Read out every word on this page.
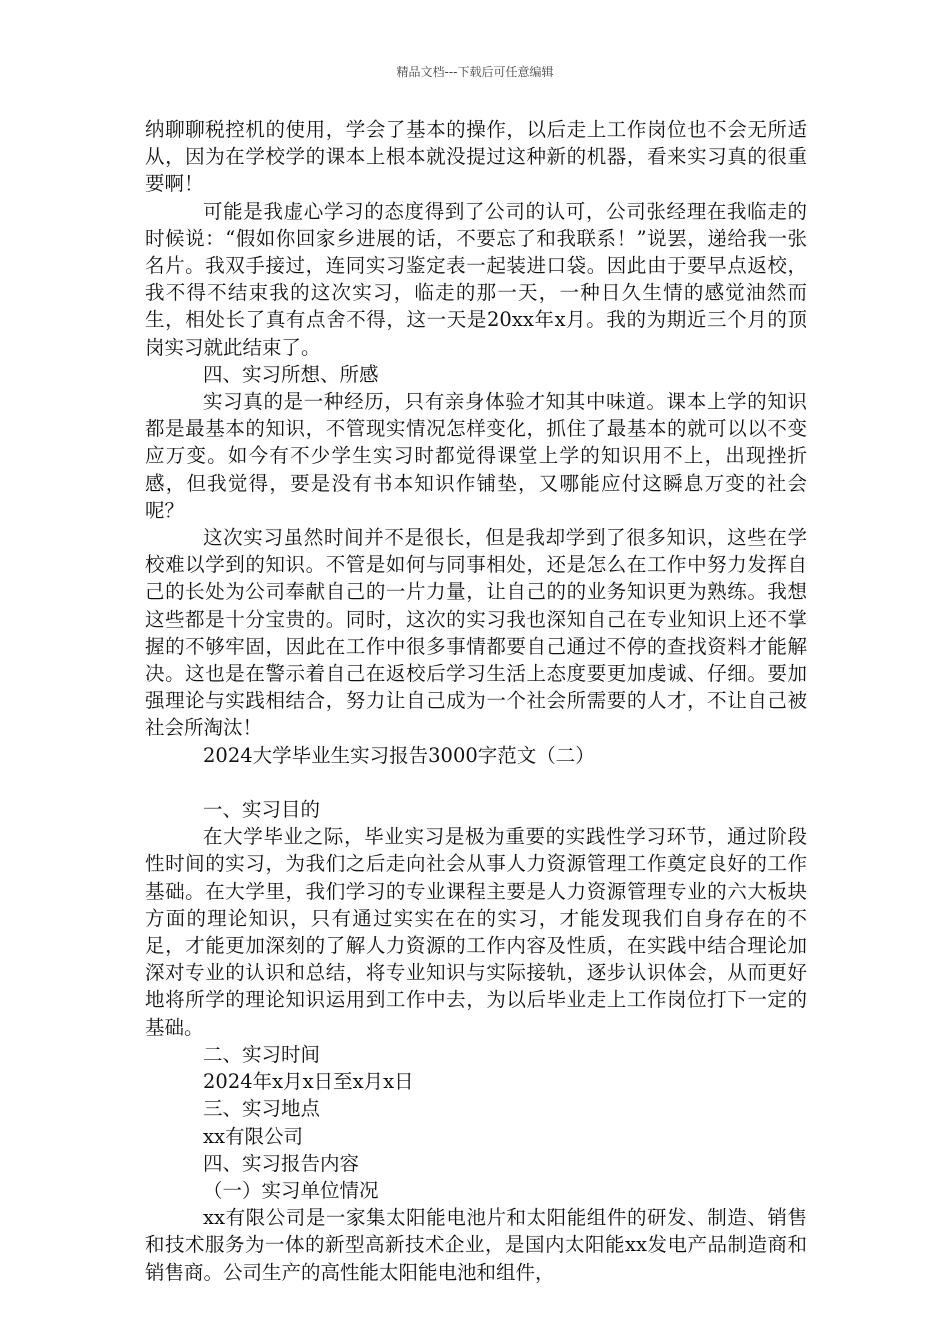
精品文档---下载后可任意编辑

纳聊聊税控机的使用，学会了基本的操作，以后走上工作岗位也不会无所适从，因为在学校学的课本上根本就没提过这种新的机器，看来实习真的很重要啊！

可能是我虚心学习的态度得到了公司的认可，公司张经理在我临走的时候说：“假如你回家乡进展的话，不要忘了和我联系！”说罢，递给我一张名片。我双手接过，连同实习鉴定表一起装进口袋。因此由于要早点返校，我不得不结束我的这次实习，临走的那一天，一种日久生情的感觉油然而生，相处长了真有点舍不得，这一天是20xx年x月。我的为期近三个月的顶岗实习就此结束了。

四、实习所想、所感

实习真的是一种经历，只有亲身体验才知其中味道。课本上学的知识都是最基本的知识，不管现实情况怎样变化，抓住了最基本的就可以以不变应万变。如今有不少学生实习时都觉得课堂上学的知识用不上，出现挫折感，但我觉得，要是没有书本知识作铺垫，又哪能应付这瞬息万变的社会呢？

这次实习虽然时间并不是很长，但是我却学到了很多知识，这些在学校难以学到的知识。不管是如何与同事相处，还是怎么在工作中努力发挥自己的长处为公司奉献自己的一片力量，让自己的的业务知识更为熟练。我想这些都是十分宝贵的。同时，这次的实习我也深知自己在专业知识上还不掌握的不够牢固，因此在工作中很多事情都要自己通过不停的查找资料才能解决。这也是在警示着自己在返校后学习生活上态度要更加虔诚、仔细。要加强理论与实践相结合，努力让自己成为一个社会所需要的人才，不让自己被社会所淘汰！

2024大学毕业生实习报告3000字范文（二）

一、实习目的

在大学毕业之际，毕业实习是极为重要的实践性学习环节，通过阶段性时间的实习，为我们之后走向社会从事人力资源管理工作奠定良好的工作基础。在大学里，我们学习的专业课程主要是人力资源管理专业的六大板块方面的理论知识，只有通过实实在在的实习，才能发现我们自身存在的不足，才能更加深刻的了解人力资源的工作内容及性质，在实践中结合理论加深对专业的认识和总结，将专业知识与实际接轨，逐步认识体会，从而更好地将所学的理论知识运用到工作中去，为以后毕业走上工作岗位打下一定的基础。

二、实习时间

2024年x月x日至x月x日

三、实习地点

xx有限公司

四、实习报告内容

（一）实习单位情况

xx有限公司是一家集太阳能电池片和太阳能组件的研发、制造、销售和技术服务为一体的新型高新技术企业，是国内太阳能xx发电产品制造商和销售商。公司生产的高性能太阳能电池和组件，
